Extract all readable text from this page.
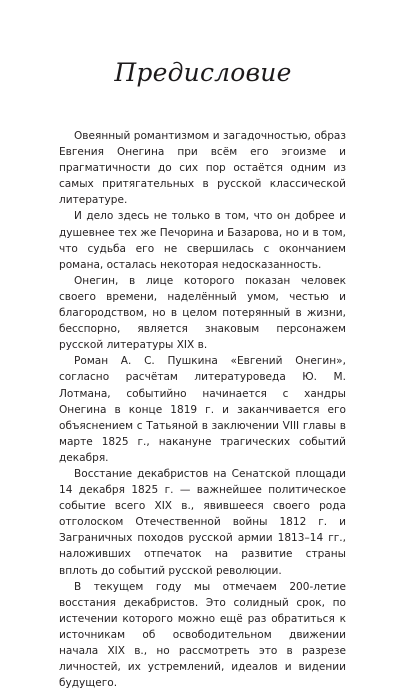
Предисловие

Овеянный романтизмом и загадочностью, образ Евгения Онегина при всём его эгоизме и прагматичности до сих пор остаётся одним из самых притягательных в русской классической литературе.

И дело здесь не только в том, что он добрее и душевнее тех же Печорина и Базарова, но и в том, что судьба его не свершилась с окончанием романа, осталась некоторая недосказанность.

Онегин, в лице которого показан человек своего времени, наделённый умом, честью и благородством, но в целом потерянный в жизни, бесспорно, является знаковым персонажем русской литературы XIX в.

Роман А. С. Пушкина «Евгений Онегин», согласно расчётам литературоведа Ю. М. Лотмана, событийно начинается с хандры Онегина в конце 1819 г. и заканчивается его объяснением с Татьяной в заключении VIII главы в марте 1825 г., накануне трагических событий декабря.

Восстание декабристов на Сенатской площади 14 декабря 1825 г. — важнейшее политическое событие всего XIX в., явившееся своего рода отголоском Отечественной войны 1812 г. и Заграничных походов русской армии 1813–14 гг., наложивших отпечаток на развитие страны вплоть до событий русской революции.

В текущем году мы отмечаем 200-летие восстания декабристов. Это солидный срок, по истечении которого можно ещё раз обратиться к источникам об освободительном движении начала XIX в., но рассмотреть это в разрезе личностей, их устремлений, идеалов и видении будущего.
